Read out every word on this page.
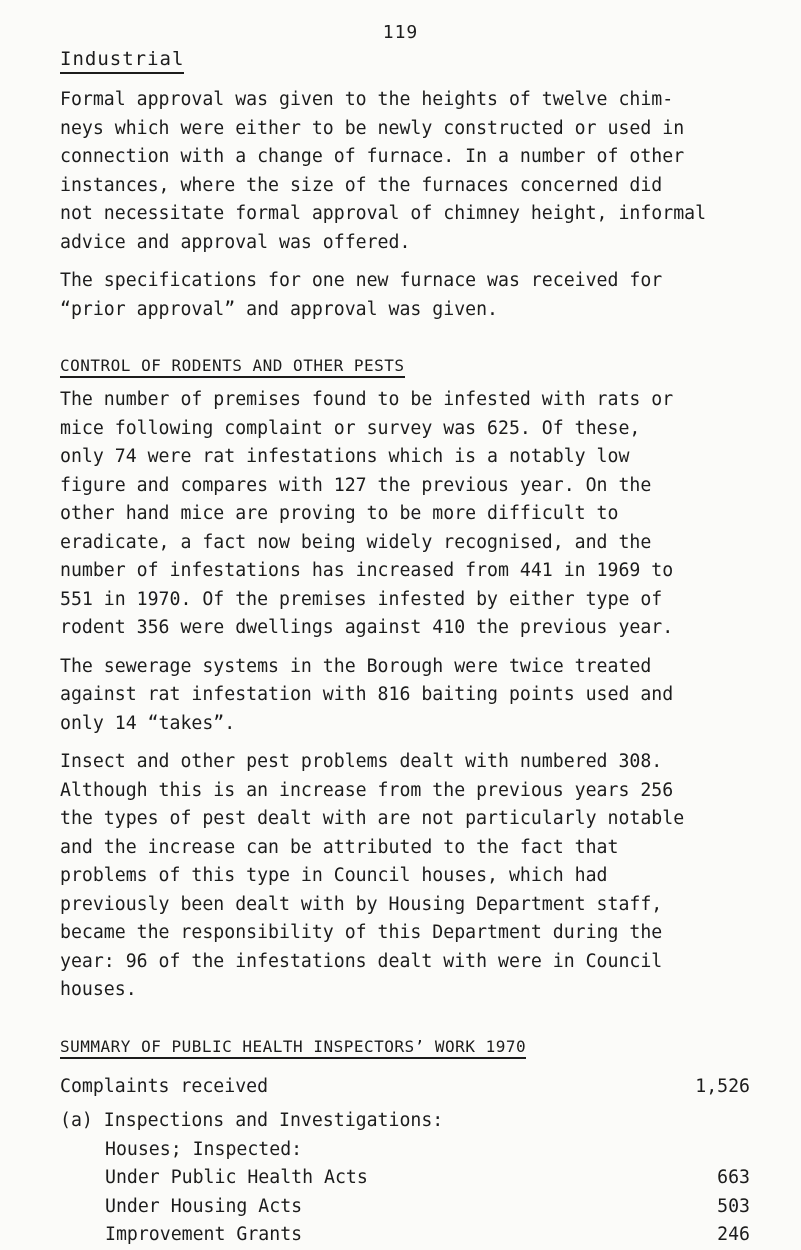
119
Industrial
Formal approval was given to the heights of twelve chim-
neys which were either to be newly constructed or used in
connection with a change of furnace. In a number of other
instances, where the size of the furnaces concerned did
not necessitate formal approval of chimney height, informal
advice and approval was offered.
The specifications for one new furnace was received for
“prior approval” and approval was given.
CONTROL OF RODENTS AND OTHER PESTS
The number of premises found to be infested with rats or
mice following complaint or survey was 625. Of these,
only 74 were rat infestations which is a notably low
figure and compares with 127 the previous year. On the
other hand mice are proving to be more difficult to
eradicate, a fact now being widely recognised, and the
number of infestations has increased from 441 in 1969 to
551 in 1970. Of the premises infested by either type of
rodent 356 were dwellings against 410 the previous year.
The sewerage systems in the Borough were twice treated
against rat infestation with 816 baiting points used and
only 14 “takes”.
Insect and other pest problems dealt with numbered 308.
Although this is an increase from the previous years 256
the types of pest dealt with are not particularly notable
and the increase can be attributed to the fact that
problems of this type in Council houses, which had
previously been dealt with by Housing Department staff,
became the responsibility of this Department during the
year: 96 of the infestations dealt with were in Council
houses.
SUMMARY OF PUBLIC HEALTH INSPECTORS’ WORK 1970
Complaints received	1,526
(a) Inspections and Investigations:
Houses; Inspected:
Under Public Health Acts	663
Under Housing Acts	503
Improvement Grants	246
